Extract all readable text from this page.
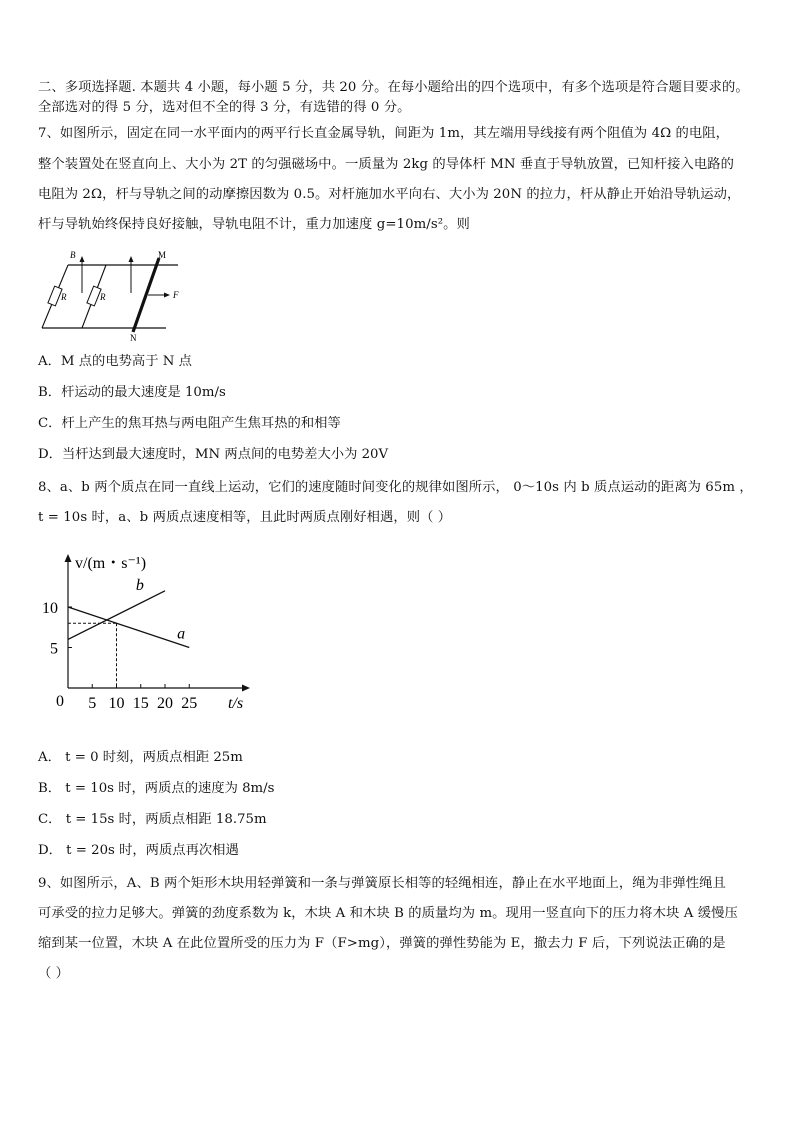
二、多项选择题. 本题共 4 小题，每小题 5 分，共 20 分。在每小题给出的四个选项中，有多个选项是符合题目要求的。
全部选对的得 5 分，选对但不全的得 3 分，有选错的得 0 分。
7、如图所示，固定在同一水平面内的两平行长直金属导轨，间距为 1m，其左端用导线接有两个阻值为 4Ω 的电阻，
整个装置处在竖直向上、大小为 2T 的匀强磁场中。一质量为 2kg 的导体杆 MN 垂直于导轨放置，已知杆接入电路的
电阻为 2Ω，杆与导轨之间的动摩擦因数为 0.5。对杆施加水平向右、大小为 20N 的拉力，杆从静止开始沿导轨运动，
杆与导轨始终保持良好接触，导轨电阻不计，重力加速度 g=10m/s²。则
R	R
B	M
N
F
A．M 点的电势高于 N 点
B．杆运动的最大速度是 10m/s
C．杆上产生的焦耳热与两电阻产生焦耳热的和相等
D．当杆达到最大速度时，MN 两点间的电势差大小为 20V
8、a、b 两个质点在同一直线上运动，它们的速度随时间变化的规律如图所示， 0～10s 内 b 质点运动的距离为 65m ，
t = 10s 时，a、b 两质点速度相等，且此时两质点刚好相遇，则（ ）
5 10 15 20 25
5
10
a
b
v/(m・s⁻¹)
t/s
0
A． t = 0 时刻，两质点相距 25m
B． t = 10s 时，两质点的速度为 8m/s
C． t = 15s 时，两质点相距 18.75m
D． t = 20s 时，两质点再次相遇
9、如图所示，A、B 两个矩形木块用轻弹簧和一条与弹簧原长相等的轻绳相连，静止在水平地面上，绳为非弹性绳且
可承受的拉力足够大。弹簧的劲度系数为 k，木块 A 和木块 B 的质量均为 m。现用一竖直向下的压力将木块 A 缓慢压
缩到某一位置，木块 A 在此位置所受的压力为 F（F>mg），弹簧的弹性势能为 E，撤去力 F 后，下列说法正确的是
（ ）
